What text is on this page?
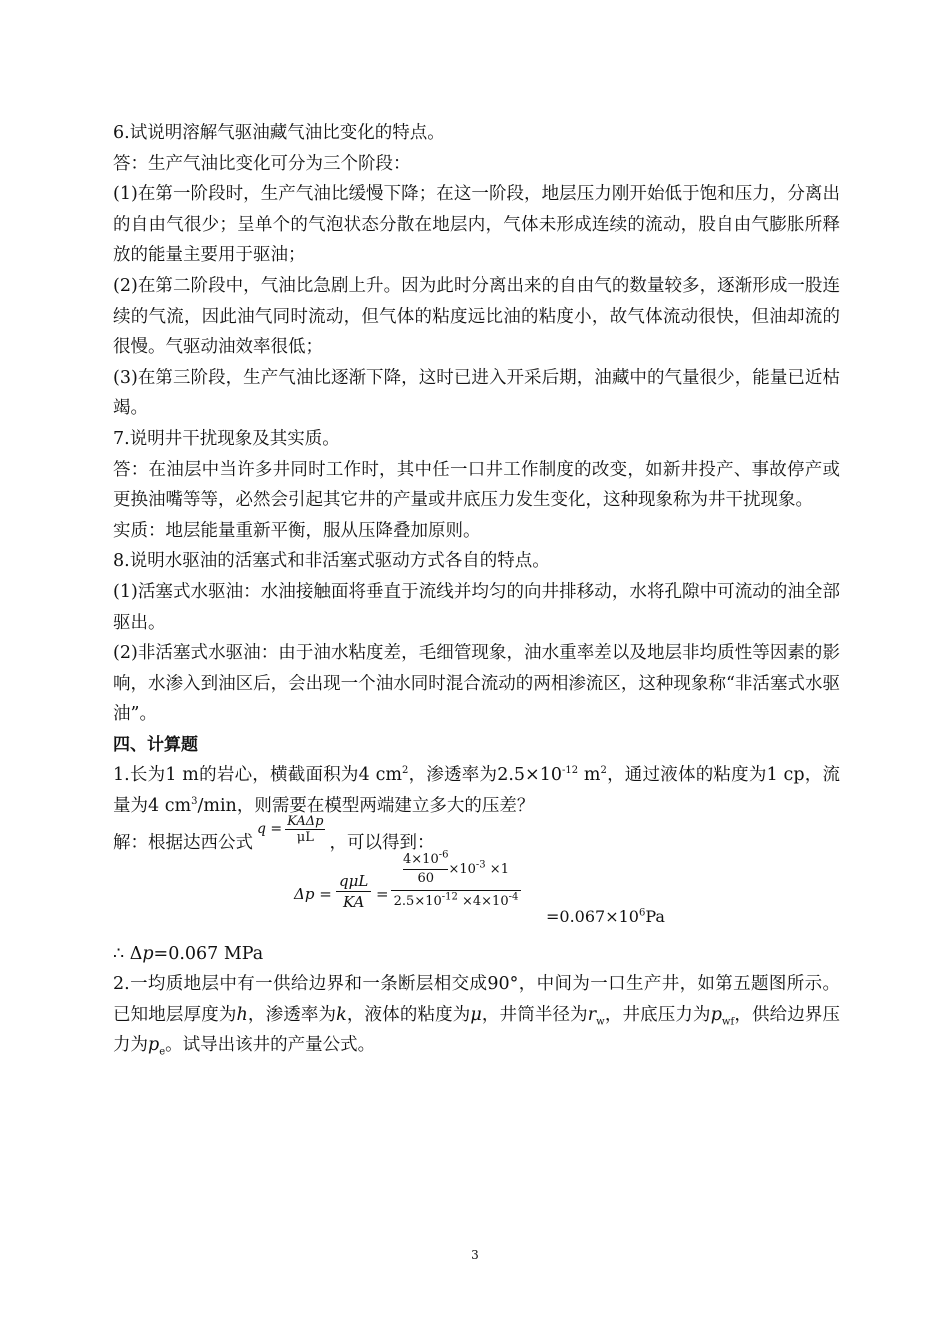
6.试说明溶解气驱油藏气油比变化的特点。

答：生产气油比变化可分为三个阶段：

(1)在第一阶段时，生产气油比缓慢下降；在这一阶段，地层压力刚开始低于饱和压力，分离出的自由气很少；呈单个的气泡状态分散在地层内，气体未形成连续的流动，股自由气膨胀所释放的能量主要用于驱油；

(2)在第二阶段中，气油比急剧上升。因为此时分离出来的自由气的数量较多，逐渐形成一股连续的气流，因此油气同时流动，但气体的粘度远比油的粘度小，故气体流动很快，但油却流的很慢。气驱动油效率很低；

(3)在第三阶段，生产气油比逐渐下降，这时已进入开采后期，油藏中的气量很少，能量已近枯竭。

7.说明井干扰现象及其实质。

答：在油层中当许多井同时工作时，其中任一口井工作制度的改变，如新井投产、事故停产或更换油嘴等等，必然会引起其它井的产量或井底压力发生变化，这种现象称为井干扰现象。

实质：地层能量重新平衡，服从压降叠加原则。

8.说明水驱油的活塞式和非活塞式驱动方式各自的特点。

(1)活塞式水驱油：水油接触面将垂直于流线并均匀的向井排移动，水将孔隙中可流动的油全部驱出。

(2)非活塞式水驱油：由于油水粘度差，毛细管现象，油水重率差以及地层非均质性等因素的影响，水渗入到油区后，会出现一个油水同时混合流动的两相渗流区，这种现象称“非活塞式水驱油”。

四、计算题

1.长为1 m的岩心，横截面积为4 $cm^2$，渗透率为$2.5\times 10^{-12}$ $m^2$，通过液体的粘度为1 cp，流量为4 $cm^3/\min$，则需要在模型两端建立多大的压差？

解：根据达西公式
$q = \frac{\text{KAΔp}}{\mu L}$ ，可以得到：

Δp =
qμL
KA =
$\frac{4\times 10^{-6}}{60} \times 10^{-3} \times 1$
$2.5\times 10^{-12} \times 4\times 10^{-4}$
$=0.067\times 10^6Pa$

∴ Δp=0.067 MPa

2.一均质地层中有一供给边界和一条断层相交成90°，中间为一口生产井，如第五题图所示。已知地层厚度为h，渗透率为k，液体的粘度为μ，井筒半径为$r_w$，井底压力为$p_{wf}$，供给边界压力为$p_e$。试导出该井的产量公式。

3
